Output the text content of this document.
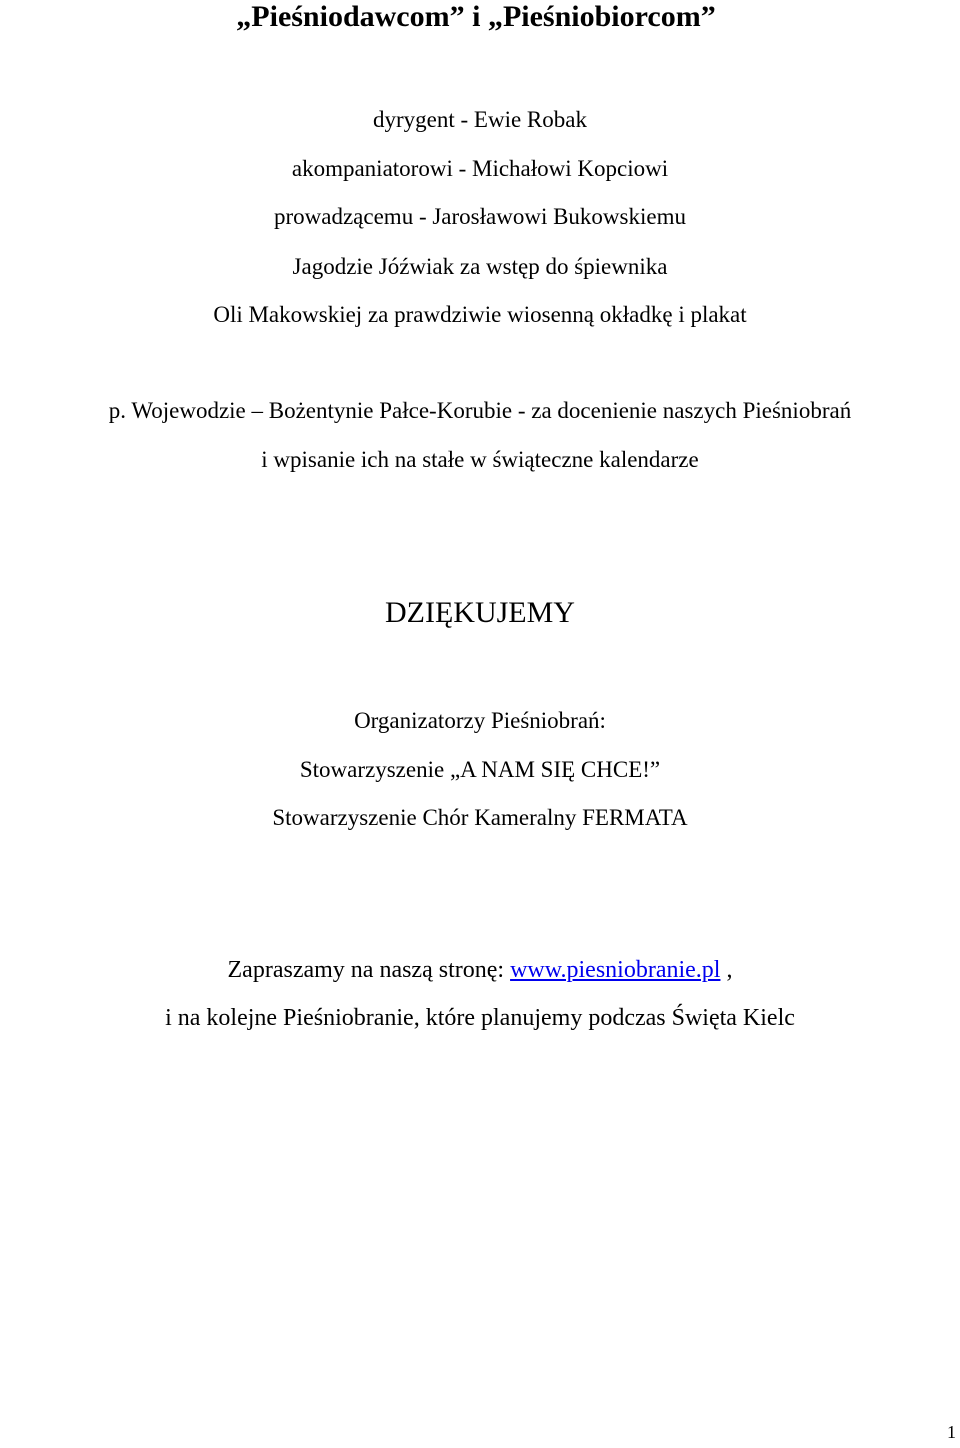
„Pieśniodawcom” i „Pieśniobiorcom”
dyrygent - Ewie Robak
akompaniatorowi - Michałowi Kopciowi
prowadzącemu - Jarosławowi Bukowskiemu
Jagodzie Jóźwiak za wstęp do śpiewnika
Oli Makowskiej za prawdziwie wiosenną okładkę i plakat
p. Wojewodzie – Bożentynie Pałce-Korubie - za docenienie naszych Pieśniobrań
i wpisanie ich na stałe w świąteczne kalendarze
DZIĘKUJEMY
Organizatorzy Pieśniobrań:
Stowarzyszenie „A NAM SIĘ CHCE!”
Stowarzyszenie Chór Kameralny FERMATA
Zapraszamy na naszą stronę: www.piesniobranie.pl ,
i na kolejne Pieśniobranie, które planujemy podczas Święta Kielc
1
